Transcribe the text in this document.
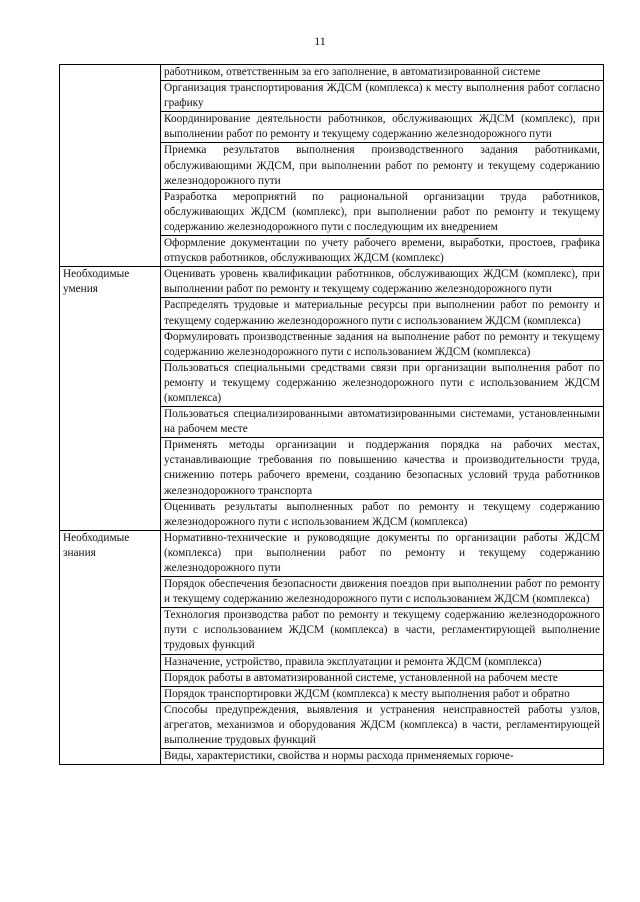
11

	работником, ответственным за его заполнение, в автоматизированной системе

	Организация транспортирования ЖДСМ (комплекса) к месту выполнения работ согласно графику

	Координирование деятельности работников, обслуживающих ЖДСМ (комплекс), при выполнении работ по ремонту и текущему содержанию железнодорожного пути

	Приемка результатов выполнения производственного задания работниками, обслуживающими ЖДСМ, при выполнении работ по ремонту и текущему содержанию железнодорожного пути

	Разработка мероприятий по рациональной организации труда работников, обслуживающих ЖДСМ (комплекс), при выполнении работ по ремонту и текущему содержанию железнодорожного пути с последующим их внедрением

	Оформление документации по учету рабочего времени, выработки, простоев, графика отпусков работников, обслуживающих ЖДСМ (комплекс)

Необходимые умения	Оценивать уровень квалификации работников, обслуживающих ЖДСМ (комплекс), при выполнении работ по ремонту и текущему содержанию железнодорожного пути

	Распределять трудовые и материальные ресурсы при выполнении работ по ремонту и текущему содержанию железнодорожного пути с использованием ЖДСМ (комплекса)

	Формулировать производственные задания на выполнение работ по ремонту и текущему содержанию железнодорожного пути с использованием ЖДСМ (комплекса)

	Пользоваться специальными средствами связи при организации выполнения работ по ремонту и текущему содержанию железнодорожного пути с использованием ЖДСМ (комплекса)

	Пользоваться специализированными автоматизированными системами, установленными на рабочем месте

	Применять методы организации и поддержания порядка на рабочих местах, устанавливающие требования по повышению качества и производительности труда, снижению потерь рабочего времени, созданию безопасных условий труда работников железнодорожного транспорта

	Оценивать результаты выполненных работ по ремонту и текущему содержанию железнодорожного пути с использованием ЖДСМ (комплекса)

Необходимые знания	Нормативно-технические и руководящие документы по организации работы ЖДСМ (комплекса) при выполнении работ по ремонту и текущему содержанию железнодорожного пути

	Порядок обеспечения безопасности движения поездов при выполнении работ по ремонту и текущему содержанию железнодорожного пути с использованием ЖДСМ (комплекса)

	Технология производства работ по ремонту и текущему содержанию железнодорожного пути с использованием ЖДСМ (комплекса) в части, регламентирующей выполнение трудовых функций

	Назначение, устройство, правила эксплуатации и ремонта ЖДСМ (комплекса)

	Порядок работы в автоматизированной системе, установленной на рабочем месте

	Порядок транспортировки ЖДСМ (комплекса) к месту выполнения работ и обратно

	Способы предупреждения, выявления и устранения неисправностей работы узлов, агрегатов, механизмов и оборудования ЖДСМ (комплекса) в части, регламентирующей выполнение трудовых функций

	Виды, характеристики, свойства и нормы расхода применяемых горюче-
